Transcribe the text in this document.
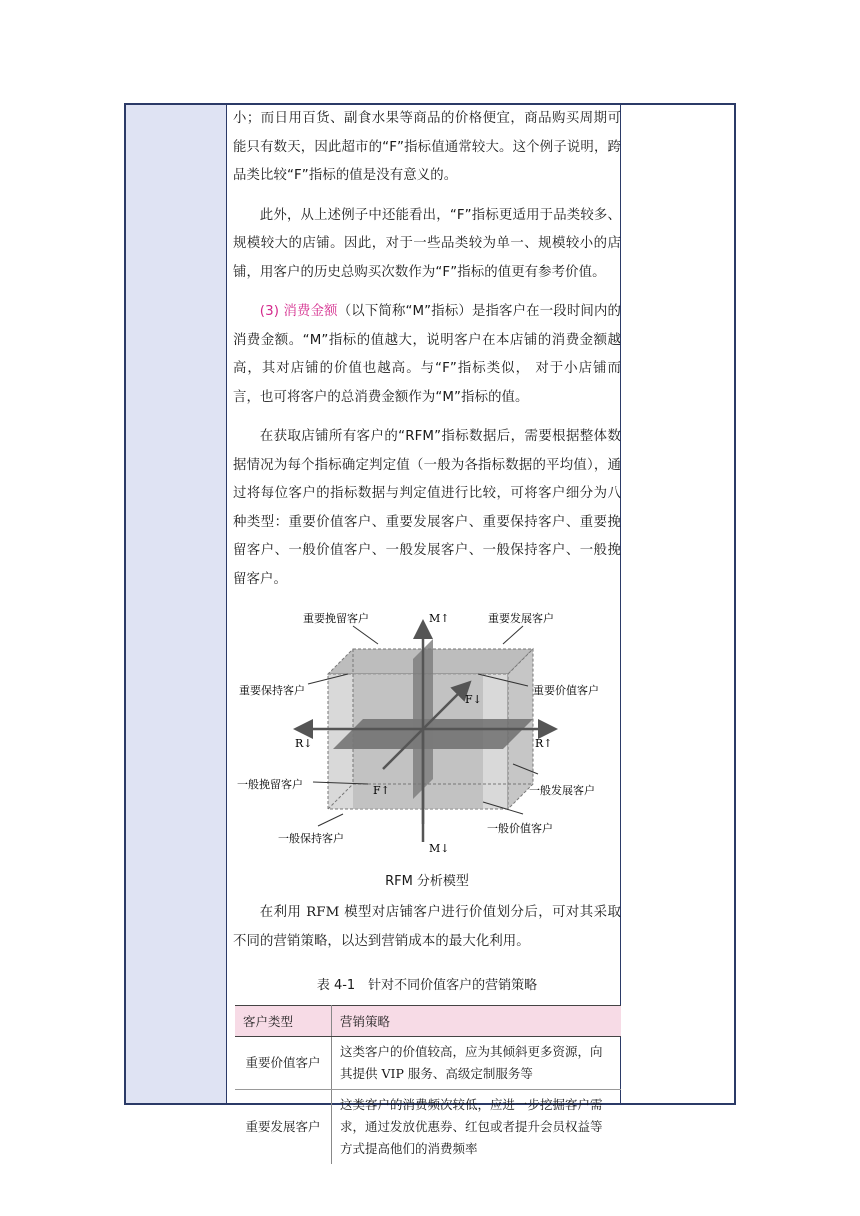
小；而日用百货、副食水果等商品的价格便宜，商品购买周期可能只有数天，因此超市的“F”指标值通常较大。这个例子说明，跨品类比较“F”指标的值是没有意义的。

此外，从上述例子中还能看出，“F”指标更适用于品类较多、规模较大的店铺。因此，对于一些品类较为单一、规模较小的店铺，用客户的历史总购买次数作为“F”指标的值更有参考价值。

(3) 消费金额（以下简称“M”指标）是指客户在一段时间内的消费金额。“M”指标的值越大，说明客户在本店铺的消费金额越高，其对店铺的价值也越高。与“F”指标类似， 对于小店铺而言，也可将客户的总消费金额作为“M”指标的值。

在获取店铺所有客户的“RFM”指标数据后，需要根据整体数据情况为每个指标确定判定值（一般为各指标数据的平均值），通过将每位客户的指标数据与判定值进行比较，可将客户细分为八种类型：重要价值客户、重要发展客户、重要保持客户、重要挽留客户、一般价值客户、一般发展客户、一般保持客户、一般挽留客户。

重要挽留客户	重要发展客户
重要保持客户	重要价值客户
一般挽留客户	一般发展客户
一般保持客户
一般价值客户
M↑
M↓
R↑
R↓
F↓
F↑
RFM 分析模型

在利用 RFM 模型对店铺客户进行价值划分后，可对其采取不同的营销策略，以达到营销成本的最大化利用。

表 4-1　针对不同价值客户的营销策略
客户类型	营销策略
重要价值客户	这类客户的价值较高，应为其倾斜更多资源，向其提供 VIP 服务、高级定制服务等
重要发展客户	这类客户的消费频次较低，应进一步挖掘客户需求，通过发放优惠券、红包或者提升会员权益等方式提高他们的消费频率
